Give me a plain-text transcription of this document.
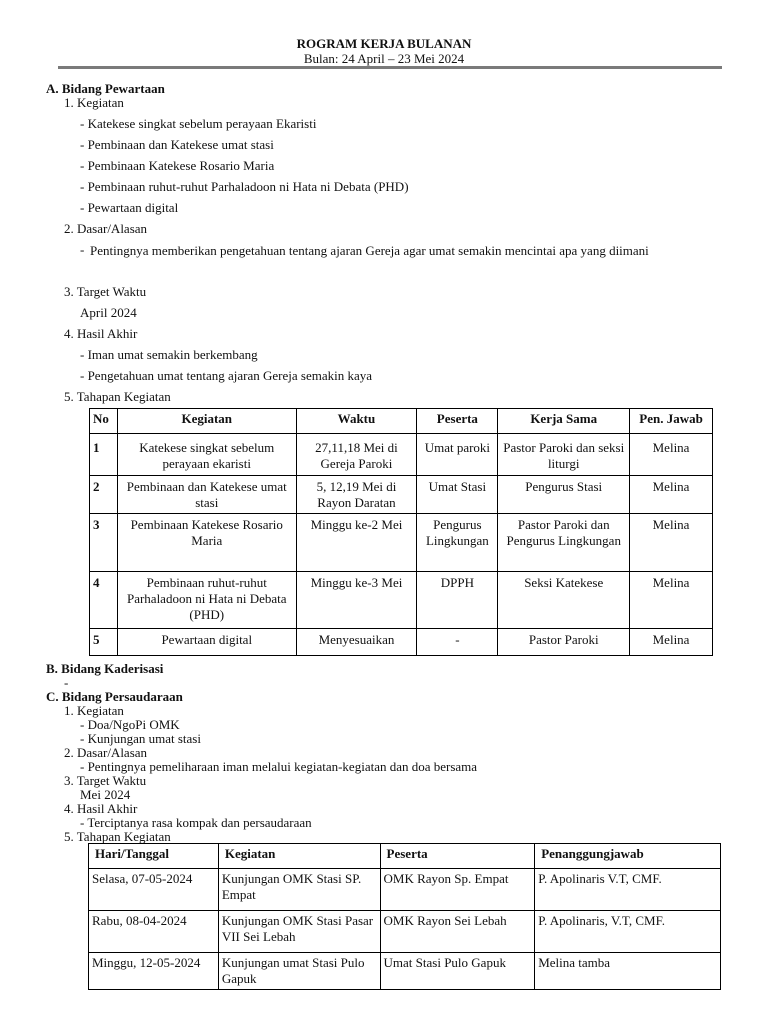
ROGRAM KERJA BULANAN
Bulan: 24 April – 23 Mei 2024
A. Bidang Pewartaan
1. Kegiatan
- Katekese singkat sebelum perayaan Ekaristi
- Pembinaan dan Katekese umat stasi
- Pembinaan Katekese Rosario Maria
- Pembinaan ruhut-ruhut Parhaladoon ni Hata ni Debata (PHD)
- Pewartaan digital
2. Dasar/Alasan
- Pentingnya memberikan pengetahuan tentang ajaran Gereja agar umat semakin mencintai apa yang diimani
3. Target Waktu
April 2024
4. Hasil Akhir
- Iman umat semakin berkembang
- Pengetahuan umat tentang ajaran Gereja semakin kaya
5. Tahapan Kegiatan
No	Kegiatan	Waktu	Peserta	Kerja Sama	Pen. Jawab
1	Katekese singkat sebelum perayaan ekaristi	27,11,18 Mei di Gereja Paroki	Umat paroki	Pastor Paroki dan seksi liturgi	Melina
2	Pembinaan dan Katekese umat stasi	5, 12,19 Mei di Rayon Daratan	Umat Stasi	Pengurus Stasi	Melina
3	Pembinaan Katekese Rosario Maria	Minggu ke-2 Mei	Pengurus Lingkungan	Pastor Paroki dan Pengurus Lingkungan	Melina
4	Pembinaan ruhut-ruhut Parhaladoon ni Hata ni Debata (PHD)	Minggu ke-3 Mei	DPPH	Seksi Katekese	Melina
5	Pewartaan digital	Menyesuaikan	-	Pastor Paroki	Melina
B. Bidang Kaderisasi
-
C. Bidang Persaudaraan
1. Kegiatan
- Doa/NgoPi OMK
- Kunjungan umat stasi
2. Dasar/Alasan
- Pentingnya pemeliharaan iman melalui kegiatan-kegiatan dan doa bersama
3. Target Waktu
Mei 2024
4. Hasil Akhir
- Terciptanya rasa kompak dan persaudaraan
5. Tahapan Kegiatan
Hari/Tanggal	Kegiatan	Peserta	Penanggungjawab
Selasa, 07-05-2024	Kunjungan OMK Stasi SP. Empat	OMK Rayon Sp. Empat	P. Apolinaris V.T, CMF.
Rabu, 08-04-2024	Kunjungan OMK Stasi Pasar VII Sei Lebah	OMK Rayon Sei Lebah	P. Apolinaris, V.T, CMF.
Minggu, 12-05-2024	Kunjungan umat Stasi Pulo Gapuk	Umat Stasi Pulo Gapuk	Melina tamba
